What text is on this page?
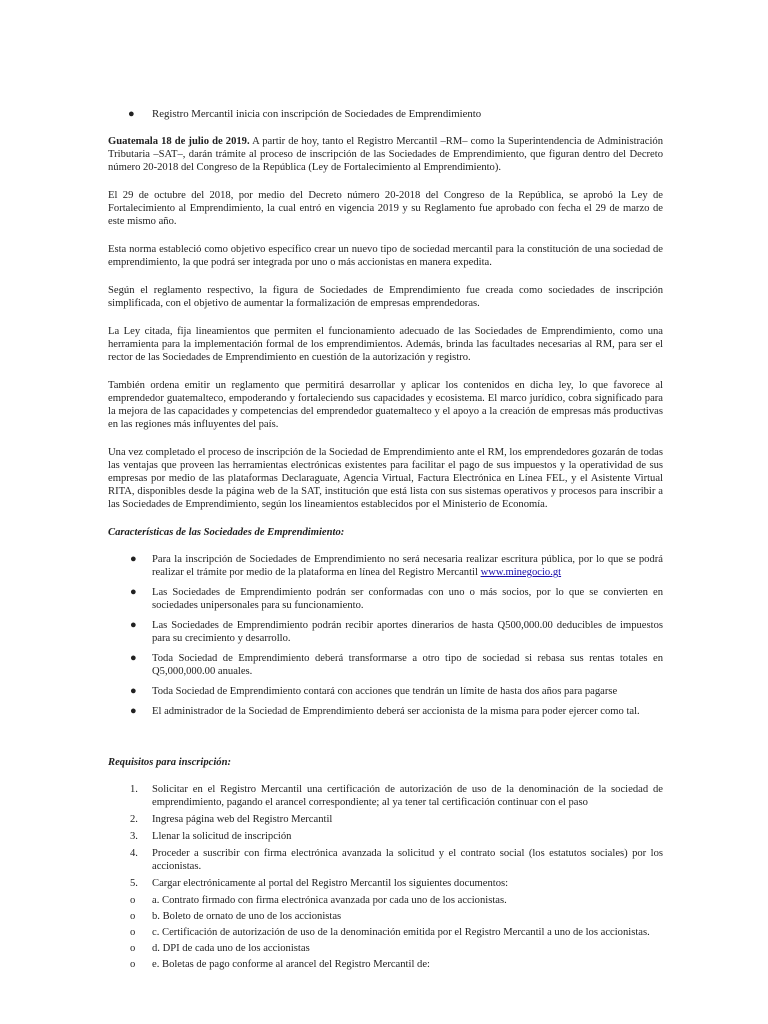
● Registro Mercantil inicia con inscripción de Sociedades de Emprendimiento

Guatemala 18 de julio de 2019. A partir de hoy, tanto el Registro Mercantil –RM– como la Superintendencia de Administración Tributaria –SAT–, darán trámite al proceso de inscripción de las Sociedades de Emprendimiento, que figuran dentro del Decreto número 20-2018 del Congreso de la República (Ley de Fortalecimiento al Emprendimiento).

El 29 de octubre del 2018, por medio del Decreto número 20-2018 del Congreso de la República, se aprobó la Ley de Fortalecimiento al Emprendimiento, la cual entró en vigencia 2019 y su Reglamento fue aprobado con fecha el 29 de marzo de este mismo año.

Esta norma estableció como objetivo específico crear un nuevo tipo de sociedad mercantil para la constitución de una sociedad de emprendimiento, la que podrá ser integrada por uno o más accionistas en manera expedita.

Según el reglamento respectivo, la figura de Sociedades de Emprendimiento fue creada como sociedades de inscripción simplificada, con el objetivo de aumentar la formalización de empresas emprendedoras.

La Ley citada, fija lineamientos que permiten el funcionamiento adecuado de las Sociedades de Emprendimiento, como una herramienta para la implementación formal de los emprendimientos. Además, brinda las facultades necesarias al RM, para ser el rector de las Sociedades de Emprendimiento en cuestión de la autorización y registro.

También ordena emitir un reglamento que permitirá desarrollar y aplicar los contenidos en dicha ley, lo que favorece al emprendedor guatemalteco, empoderando y fortaleciendo sus capacidades y ecosistema. El marco jurídico, cobra significado para la mejora de las capacidades y competencias del emprendedor guatemalteco y el apoyo a la creación de empresas más productivas en las regiones más influyentes del país.

Una vez completado el proceso de inscripción de la Sociedad de Emprendimiento ante el RM, los emprendedores gozarán de todas las ventajas que proveen las herramientas electrónicas existentes para facilitar el pago de sus impuestos y la operatividad de sus empresas por medio de las plataformas Declaraguate, Agencia Virtual, Factura Electrónica en Línea FEL, y el Asistente Virtual RITA, disponibles desde la página web de la SAT, institución que está lista con sus sistemas operativos y procesos para inscribir a las Sociedades de Emprendimiento, según los lineamientos establecidos por el Ministerio de Economía.

Características de las Sociedades de Emprendimiento:
● Para la inscripción de Sociedades de Emprendimiento no será necesaria realizar escritura pública, por lo que se podrá realizar el trámite por medio de la plataforma en línea del Registro Mercantil www.minegocio.gt
● Las Sociedades de Emprendimiento podrán ser conformadas con uno o más socios, por lo que se convierten en sociedades unipersonales para su funcionamiento.
● Las Sociedades de Emprendimiento podrán recibir aportes dinerarios de hasta Q500,000.00 deducibles de impuestos para su crecimiento y desarrollo.
● Toda Sociedad de Emprendimiento deberá transformarse a otro tipo de sociedad si rebasa sus rentas totales en Q5,000,000.00 anuales.
● Toda Sociedad de Emprendimiento contará con acciones que tendrán un límite de hasta dos años para pagarse
● El administrador de la Sociedad de Emprendimiento deberá ser accionista de la misma para poder ejercer como tal.
Requisitos para inscripción:
1. Solicitar en el Registro Mercantil una certificación de autorización de uso de la denominación de la sociedad de emprendimiento, pagando el arancel correspondiente; al ya tener tal certificación continuar con el paso
2. Ingresa página web del Registro Mercantil
3. Llenar la solicitud de inscripción
4. Proceder a suscribir con firma electrónica avanzada la solicitud y el contrato social (los estatutos sociales) por los accionistas.
5. Cargar electrónicamente al portal del Registro Mercantil los siguientes documentos:
o a. Contrato firmado con firma electrónica avanzada por cada uno de los accionistas.
o b. Boleto de ornato de uno de los accionistas
o c. Certificación de autorización de uso de la denominación emitida por el Registro Mercantil a uno de los accionistas.
o d. DPI de cada uno de los accionistas
o e. Boletas de pago conforme al arancel del Registro Mercantil de:
